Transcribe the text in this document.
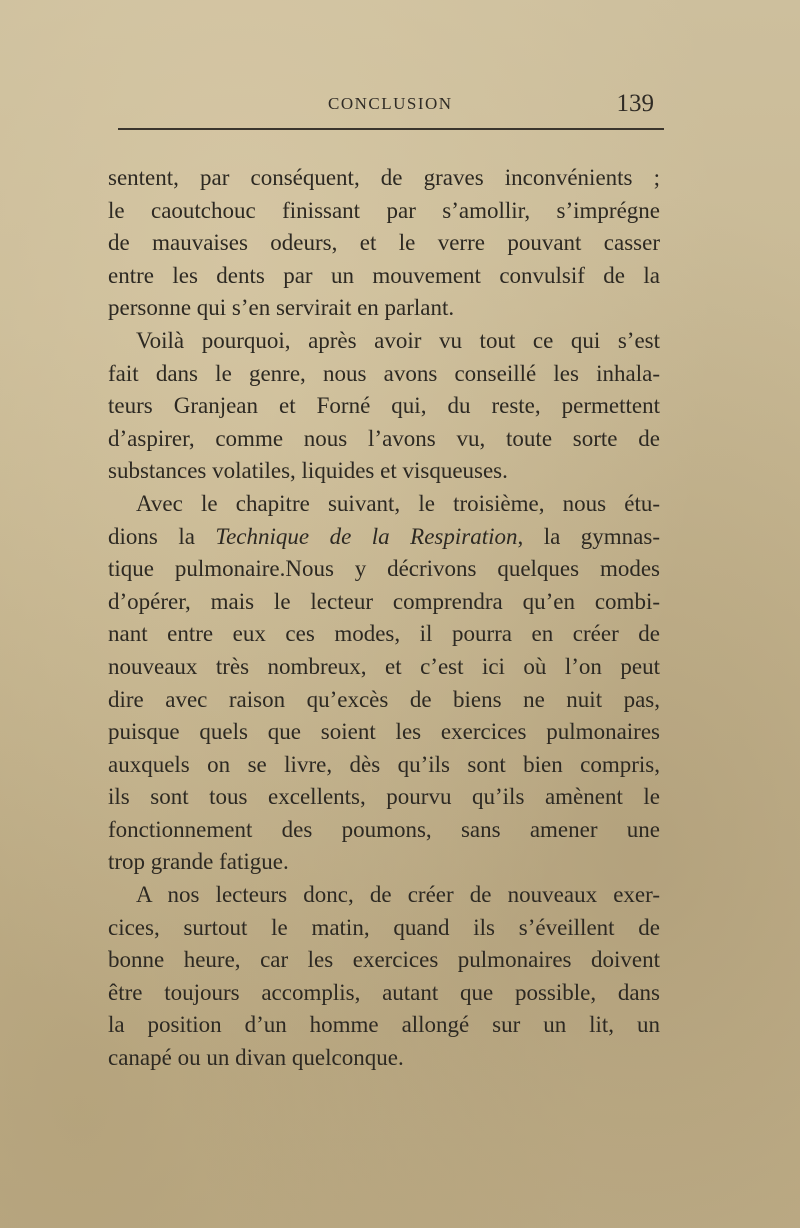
CONCLUSION	139
sentent, par conséquent, de graves inconvénients ;
le caoutchouc finissant par s’amollir, s’imprégne
de mauvaises odeurs, et le verre pouvant casser
entre les dents par un mouvement convulsif de la
personne qui s’en servirait en parlant.
Voilà pourquoi, après avoir vu tout ce qui s’est
fait dans le genre, nous avons conseillé les inhala-
teurs Granjean et Forné qui, du reste, permettent
d’aspirer, comme nous l’avons vu, toute sorte de
substances volatiles, liquides et visqueuses.
Avec le chapitre suivant, le troisième, nous étu-
dions la Technique de la Respiration, la gymnas-
tique pulmonaire.Nous y décrivons quelques modes
d’opérer, mais le lecteur comprendra qu’en combi-
nant entre eux ces modes, il pourra en créer de
nouveaux très nombreux, et c’est ici où l’on peut
dire avec raison qu’excès de biens ne nuit pas,
puisque quels que soient les exercices pulmonaires
auxquels on se livre, dès qu’ils sont bien compris,
ils sont tous excellents, pourvu qu’ils amènent le
fonctionnement des poumons, sans amener une
trop grande fatigue.
A nos lecteurs donc, de créer de nouveaux exer-
cices, surtout le matin, quand ils s’éveillent de
bonne heure, car les exercices pulmonaires doivent
être toujours accomplis, autant que possible, dans
la position d’un homme allongé sur un lit, un
canapé ou un divan quelconque.
